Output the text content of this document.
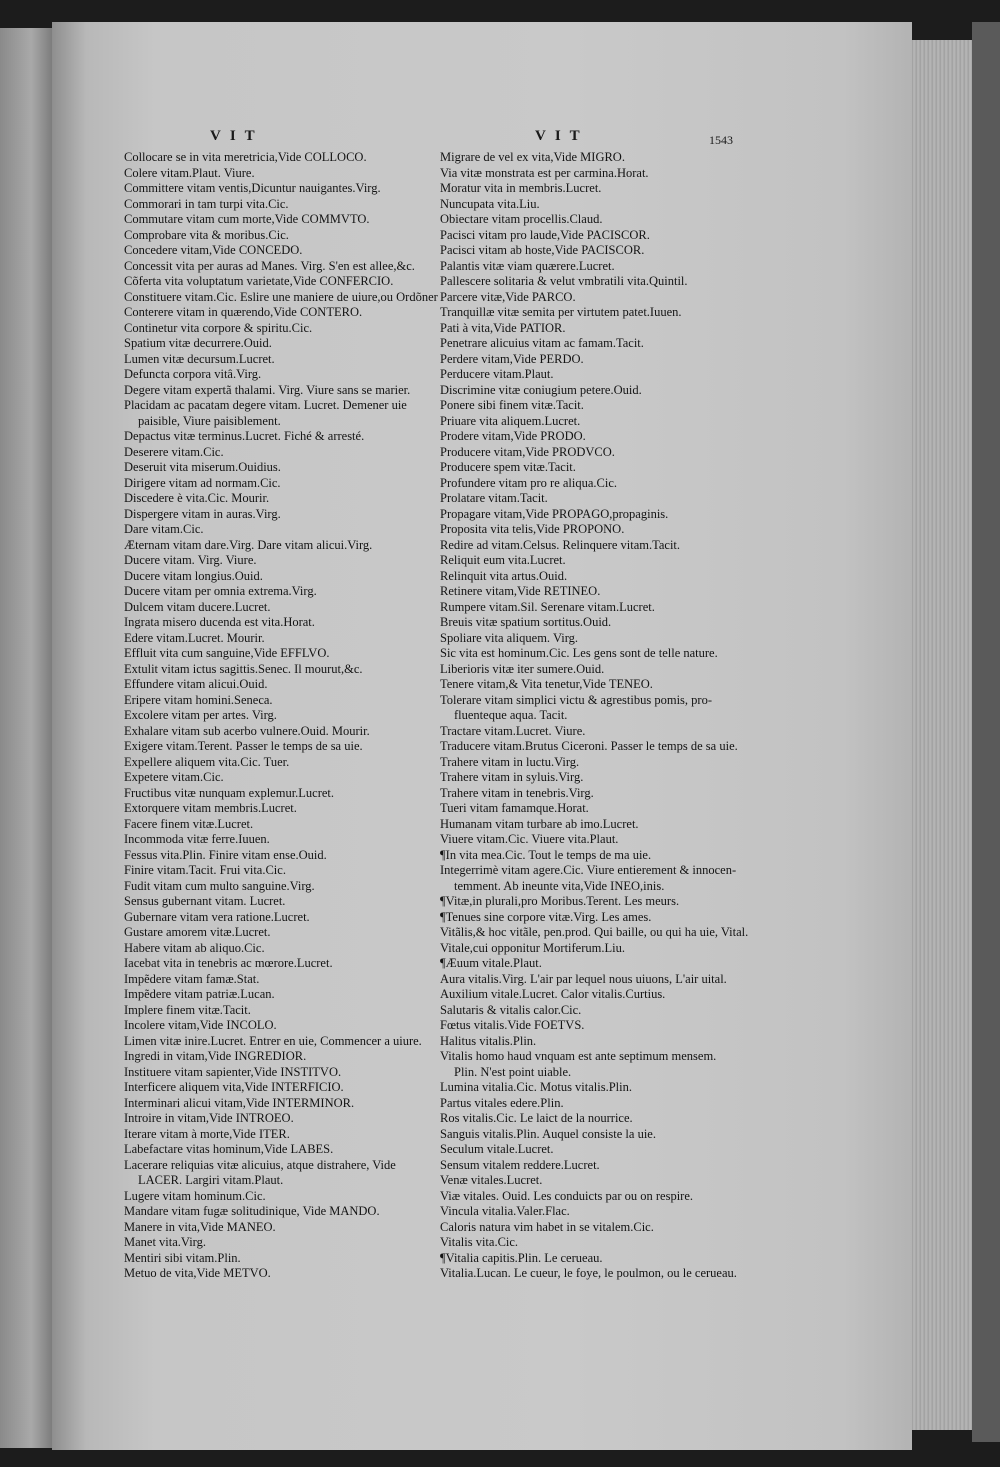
VIT	VIT	1543
Collocare se in vita meretricia,Vide COLLOCO.
Colere vitam.Plaut. Viure.
Committere vitam ventis,Dicuntur nauigantes.Virg.
Commorari in tam turpi vita.Cic.
Commutare vitam cum morte,Vide COMMVTO.
Comprobare vita & moribus.Cic.
Concedere vitam,Vide CONCEDO.
Concessit vita per auras ad Manes. Virg. S'en est allee,&c.
Cõferta vita voluptatum varietate,Vide CONFERCIO.
Constituere vitam.Cic. Eslire une maniere de uiure,ou Ordõner
Conterere vitam in quærendo,Vide CONTERO.
Continetur vita corpore & spiritu.Cic.
Spatium vitæ decurrere.Ouid.
Lumen vitæ decursum.Lucret.
Defuncta corpora vitâ.Virg.
Degere vitam expertã thalami. Virg. Viure sans se marier.
Placidam ac pacatam degere vitam. Lucret. Demener uie
paisible, Viure paisiblement.
Depactus vitæ terminus.Lucret. Fiché & arresté.
Deserere vitam.Cic.
Deseruit vita miserum.Ouidius.
Dirigere vitam ad normam.Cic.
Discedere è vita.Cic. Mourir.
Dispergere vitam in auras.Virg.
Dare vitam.Cic.
Æternam vitam dare.Virg. Dare vitam alicui.Virg.
Ducere vitam. Virg. Viure.
Ducere vitam longius.Ouid.
Ducere vitam per omnia extrema.Virg.
Dulcem vitam ducere.Lucret.
Ingrata misero ducenda est vita.Horat.
Edere vitam.Lucret. Mourir.
Effluit vita cum sanguine,Vide EFFLVO.
Extulit vitam ictus sagittis.Senec. Il mourut,&c.
Effundere vitam alicui.Ouid.
Eripere vitam homini.Seneca.
Excolere vitam per artes. Virg.
Exhalare vitam sub acerbo vulnere.Ouid. Mourir.
Exigere vitam.Terent. Passer le temps de sa uie.
Expellere aliquem vita.Cic. Tuer.
Expetere vitam.Cic.
Fructibus vitæ nunquam explemur.Lucret.
Extorquere vitam membris.Lucret.
Facere finem vitæ.Lucret.
Incommoda vitæ ferre.Iuuen.
Fessus vita.Plin. Finire vitam ense.Ouid.
Finire vitam.Tacit. Frui vita.Cic.
Fudit vitam cum multo sanguine.Virg.
Sensus gubernant vitam. Lucret.
Gubernare vitam vera ratione.Lucret.
Gustare amorem vitæ.Lucret.
Habere vitam ab aliquo.Cic.
Iacebat vita in tenebris ac mœrore.Lucret.
Impẽdere vitam famæ.Stat.
Impẽdere vitam patriæ.Lucan.
Implere finem vitæ.Tacit.
Incolere vitam,Vide INCOLO.
Limen vitæ inire.Lucret. Entrer en uie, Commencer a uiure.
Ingredi in vitam,Vide INGREDIOR.
Instituere vitam sapienter,Vide INSTITVO.
Interficere aliquem vita,Vide INTERFICIO.
Interminari alicui vitam,Vide INTERMINOR.
Introire in vitam,Vide INTROEO.
Iterare vitam à morte,Vide ITER.
Labefactare vitas hominum,Vide LABES.
Lacerare reliquias vitæ alicuius, atque distrahere, Vide
LACER. Largiri vitam.Plaut.
Lugere vitam hominum.Cic.
Mandare vitam fugæ solitudinique, Vide MANDO.
Manere in vita,Vide MANEO.
Manet vita.Virg.
Mentiri sibi vitam.Plin.
Metuo de vita,Vide METVO.
Migrare de vel ex vita,Vide MIGRO.
Via vitæ monstrata est per carmina.Horat.
Moratur vita in membris.Lucret.
Nuncupata vita.Liu.
Obiectare vitam procellis.Claud.
Pacisci vitam pro laude,Vide PACISCOR.
Pacisci vitam ab hoste,Vide PACISCOR.
Palantis vitæ viam quærere.Lucret.
Pallescere solitaria & velut vmbratili vita.Quintil.
Parcere vitæ,Vide PARCO.
Tranquillæ vitæ semita per virtutem patet.Iuuen.
Pati à vita,Vide PATIOR.
Penetrare alicuius vitam ac famam.Tacit.
Perdere vitam,Vide PERDO.
Perducere vitam.Plaut.
Discrimine vitæ coniugium petere.Ouid.
Ponere sibi finem vitæ.Tacit.
Priuare vita aliquem.Lucret.
Prodere vitam,Vide PRODO.
Producere vitam,Vide PRODVCO.
Producere spem vitæ.Tacit.
Profundere vitam pro re aliqua.Cic.
Prolatare vitam.Tacit.
Propagare vitam,Vide PROPAGO,propaginis.
Proposita vita telis,Vide PROPONO.
Redire ad vitam.Celsus. Relinquere vitam.Tacit.
Reliquit eum vita.Lucret.
Relinquit vita artus.Ouid.
Retinere vitam,Vide RETINEO.
Rumpere vitam.Sil. Serenare vitam.Lucret.
Breuis vitæ spatium sortitus.Ouid.
Spoliare vita aliquem. Virg.
Sic vita est hominum.Cic. Les gens sont de telle nature.
Liberioris vitæ iter sumere.Ouid.
Tenere vitam,& Vita tenetur,Vide TENEO.
Tolerare vitam simplici victu & agrestibus pomis, pro-
fluenteque aqua. Tacit.
Tractare vitam.Lucret. Viure.
Traducere vitam.Brutus Ciceroni. Passer le temps de sa uie.
Trahere vitam in luctu.Virg.
Trahere vitam in syluis.Virg.
Trahere vitam in tenebris.Virg.
Tueri vitam famamque.Horat.
Humanam vitam turbare ab imo.Lucret.
Viuere vitam.Cic. Viuere vita.Plaut.
¶In vita mea.Cic. Tout le temps de ma uie.
Integerrimè vitam agere.Cic. Viure entierement & innocen-
temment. Ab ineunte vita,Vide INEO,inis.
¶Vitæ,in plurali,pro Moribus.Terent. Les meurs.
¶Tenues sine corpore vitæ.Virg. Les ames.
Vitãlis,& hoc vitãle, pen.prod. Qui baille, ou qui ha uie, Vital.
Vitale,cui opponitur Mortiferum.Liu.
¶Æuum vitale.Plaut.
Aura vitalis.Virg. L'air par lequel nous uiuons, L'air uital.
Auxilium vitale.Lucret. Calor vitalis.Curtius.
Salutaris & vitalis calor.Cic.
Fœtus vitalis.Vide FOETVS.
Halitus vitalis.Plin.
Vitalis homo haud vnquam est ante septimum mensem.
Plin. N'est point uiable.
Lumina vitalia.Cic. Motus vitalis.Plin.
Partus vitales edere.Plin.
Ros vitalis.Cic. Le laict de la nourrice.
Sanguis vitalis.Plin. Auquel consiste la uie.
Seculum vitale.Lucret.
Sensum vitalem reddere.Lucret.
Venæ vitales.Lucret.
Viæ vitales. Ouid. Les conduicts par ou on respire.
Vincula vitalia.Valer.Flac.
Caloris natura vim habet in se vitalem.Cic.
Vitalis vita.Cic.
¶Vitalia capitis.Plin. Le cerueau.
Vitalia.Lucan. Le cueur, le foye, le poulmon, ou le cerueau.
